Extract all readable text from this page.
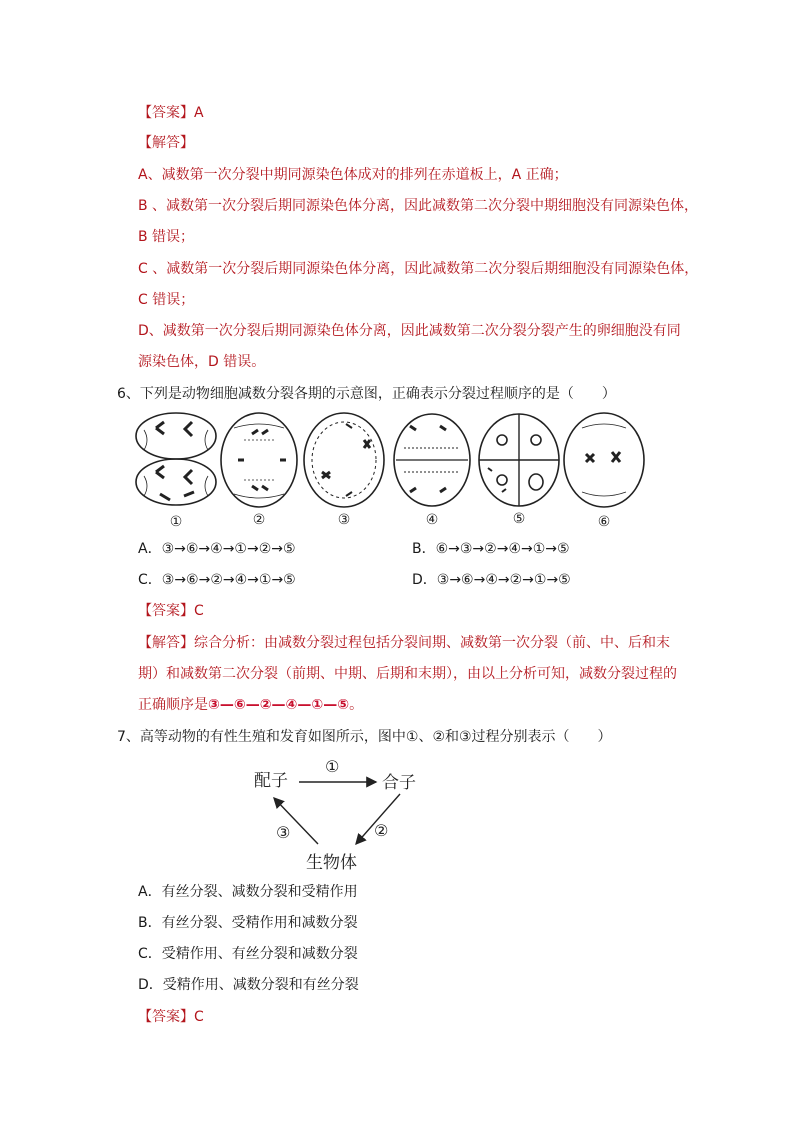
【答案】A
【解答】
A、减数第一次分裂中期同源染色体成对的排列在赤道板上，A 正确；
B 、减数第一次分裂后期同源染色体分离，因此减数第二次分裂中期细胞没有同源染色体，
B 错误；
C 、减数第一次分裂后期同源染色体分离，因此减数第二次分裂后期细胞没有同源染色体，
C 错误；
D、减数第一次分裂后期同源染色体分离，因此减数第二次分裂分裂产生的卵细胞没有同
源染色体，D 错误。
6、下列是动物细胞减数分裂各期的示意图，正确表示分裂过程顺序的是（　　）
①	②	③	④	⑤	⑥
A．③→⑥→④→①→②→⑤	B．⑥→③→②→④→①→⑤
C．③→⑥→②→④→①→⑤	D．③→⑥→④→②→①→⑤
【答案】C
【解答】综合分析：由减数分裂过程包括分裂间期、减数第一次分裂（前、中、后和末
期）和减数第二次分裂（前期、中期、后期和末期），由以上分析可知，减数分裂过程的
正确顺序是③—⑥—②—④—①—⑤。
7、高等动物的有性生殖和发育如图所示，图中①、②和③过程分别表示（　　）
配子	合子
生物体
①
②
③
A．有丝分裂、减数分裂和受精作用
B．有丝分裂、受精作用和减数分裂
C．受精作用、有丝分裂和减数分裂
D．受精作用、减数分裂和有丝分裂
【答案】C
